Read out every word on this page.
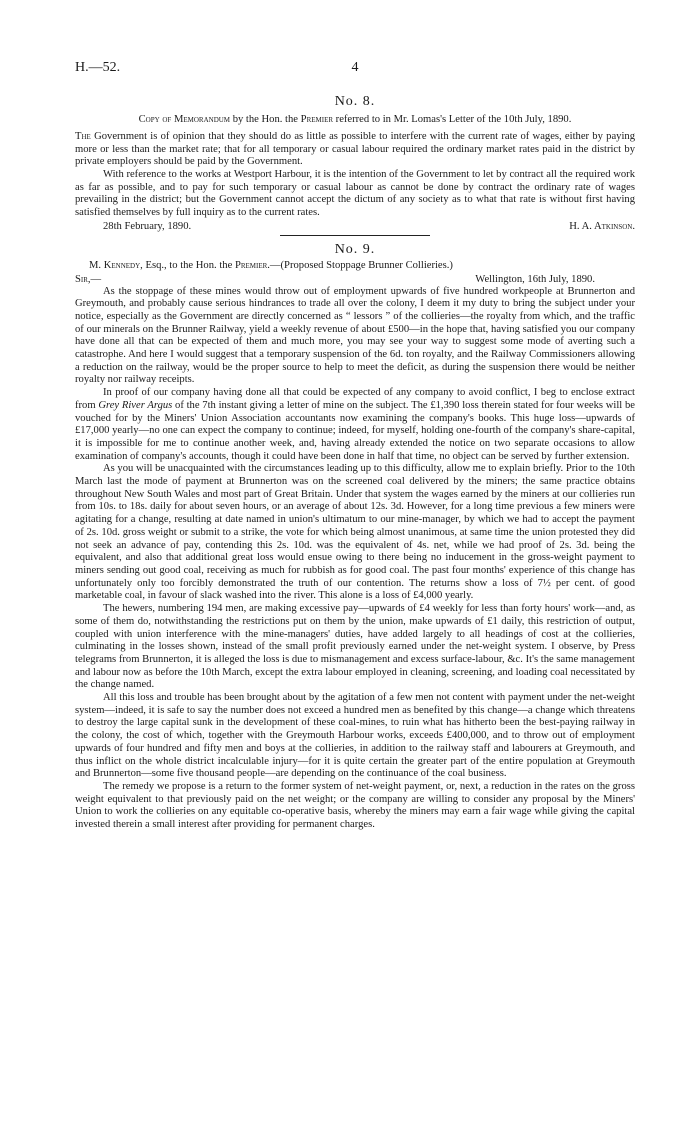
H.—52.	4
No. 8.
Copy of Memorandum by the Hon. the Premier referred to in Mr. Lomas's Letter of the 10th July, 1890.

The Government is of opinion that they should do as little as possible to interfere with the current rate of wages, either by paying more or less than the market rate; that for all temporary or casual labour required the ordinary market rates paid in the district by private employers should be paid by the Government.

With reference to the works at Westport Harbour, it is the intention of the Government to let by contract all the required work as far as possible, and to pay for such temporary or casual labour as cannot be done by contract the ordinary rate of wages prevailing in the district; but the Government cannot accept the dictum of any society as to what that rate is without first having satisfied themselves by full inquiry as to the current rates.

28th February, 1890.	H. A. Atkinson.
No. 9.
M. Kennedy, Esq., to the Hon. the Premier.—(Proposed Stoppage Brunner Collieries.)
Sir,—	Wellington, 16th July, 1890.

As the stoppage of these mines would throw out of employment upwards of five hundred workpeople at Brunnerton and Greymouth, and probably cause serious hindrances to trade all over the colony, I deem it my duty to bring the subject under your notice, especially as the Government are directly concerned as “ lessors ” of the collieries—the royalty from which, and the traffic of our minerals on the Brunner Railway, yield a weekly revenue of about £500—in the hope that, having satisfied you our company have done all that can be expected of them and much more, you may see your way to suggest some mode of averting such a catastrophe. And here I would suggest that a temporary suspension of the 6d. ton royalty, and the Railway Commissioners allowing a reduction on the railway, would be the proper source to help to meet the deficit, as during the suspension there would be neither royalty nor railway receipts.

In proof of our company having done all that could be expected of any company to avoid conflict, I beg to enclose extract from Grey River Argus of the 7th instant giving a letter of mine on the subject. The £1,390 loss therein stated for four weeks will be vouched for by the Miners' Union Association accountants now examining the company's books. This huge loss—upwards of £17,000 yearly—no one can expect the company to continue; indeed, for myself, holding one-fourth of the company's share-capital, it is impossible for me to continue another week, and, having already extended the notice on two separate occasions to allow examination of company's accounts, though it could have been done in half that time, no object can be served by further extension.

As you will be unacquainted with the circumstances leading up to this difficulty, allow me to explain briefly. Prior to the 10th March last the mode of payment at Brunnerton was on the screened coal delivered by the miners; the same practice obtains throughout New South Wales and most part of Great Britain. Under that system the wages earned by the miners at our collieries run from 10s. to 18s. daily for about seven hours, or an average of about 12s. 3d. However, for a long time previous a few miners were agitating for a change, resulting at date named in union's ultimatum to our mine-manager, by which we had to accept the payment of 2s. 10d. gross weight or submit to a strike, the vote for which being almost unanimous, at same time the union protested they did not seek an advance of pay, contending this 2s. 10d. was the equivalent of 4s. net, while we had proof of 2s. 3d. being the equivalent, and also that additional great loss would ensue owing to there being no inducement in the gross-weight payment to miners sending out good coal, receiving as much for rubbish as for good coal. The past four months' experience of this change has unfortunately only too forcibly demonstrated the truth of our contention. The returns show a loss of 7½ per cent. of good marketable coal, in favour of slack washed into the river. This alone is a loss of £4,000 yearly.

The hewers, numbering 194 men, are making excessive pay—upwards of £4 weekly for less than forty hours' work—and, as some of them do, notwithstanding the restrictions put on them by the union, make upwards of £1 daily, this restriction of output, coupled with union interference with the mine-managers' duties, have added largely to all headings of cost at the collieries, culminating in the losses shown, instead of the small profit previously earned under the net-weight system. I observe, by Press telegrams from Brunnerton, it is alleged the loss is due to mismanagement and excess surface-labour, &c. It's the same management and labour now as before the 10th March, except the extra labour employed in cleaning, screening, and loading coal necessitated by the change named.

All this loss and trouble has been brought about by the agitation of a few men not content with payment under the net-weight system—indeed, it is safe to say the number does not exceed a hundred men as benefited by this change—a change which threatens to destroy the large capital sunk in the development of these coal-mines, to ruin what has hitherto been the best-paying railway in the colony, the cost of which, together with the Greymouth Harbour works, exceeds £400,000, and to throw out of employment upwards of four hundred and fifty men and boys at the collieries, in addition to the railway staff and labourers at Greymouth, and thus inflict on the whole district incalculable injury—for it is quite certain the greater part of the entire population at Greymouth and Brunnerton—some five thousand people—are depending on the continuance of the coal business.

The remedy we propose is a return to the former system of net-weight payment, or, next, a reduction in the rates on the gross weight equivalent to that previously paid on the net weight; or the company are willing to consider any proposal by the Miners' Union to work the collieries on any equitable co-operative basis, whereby the miners may earn a fair wage while giving the capital invested therein a small interest after providing for permanent charges.
